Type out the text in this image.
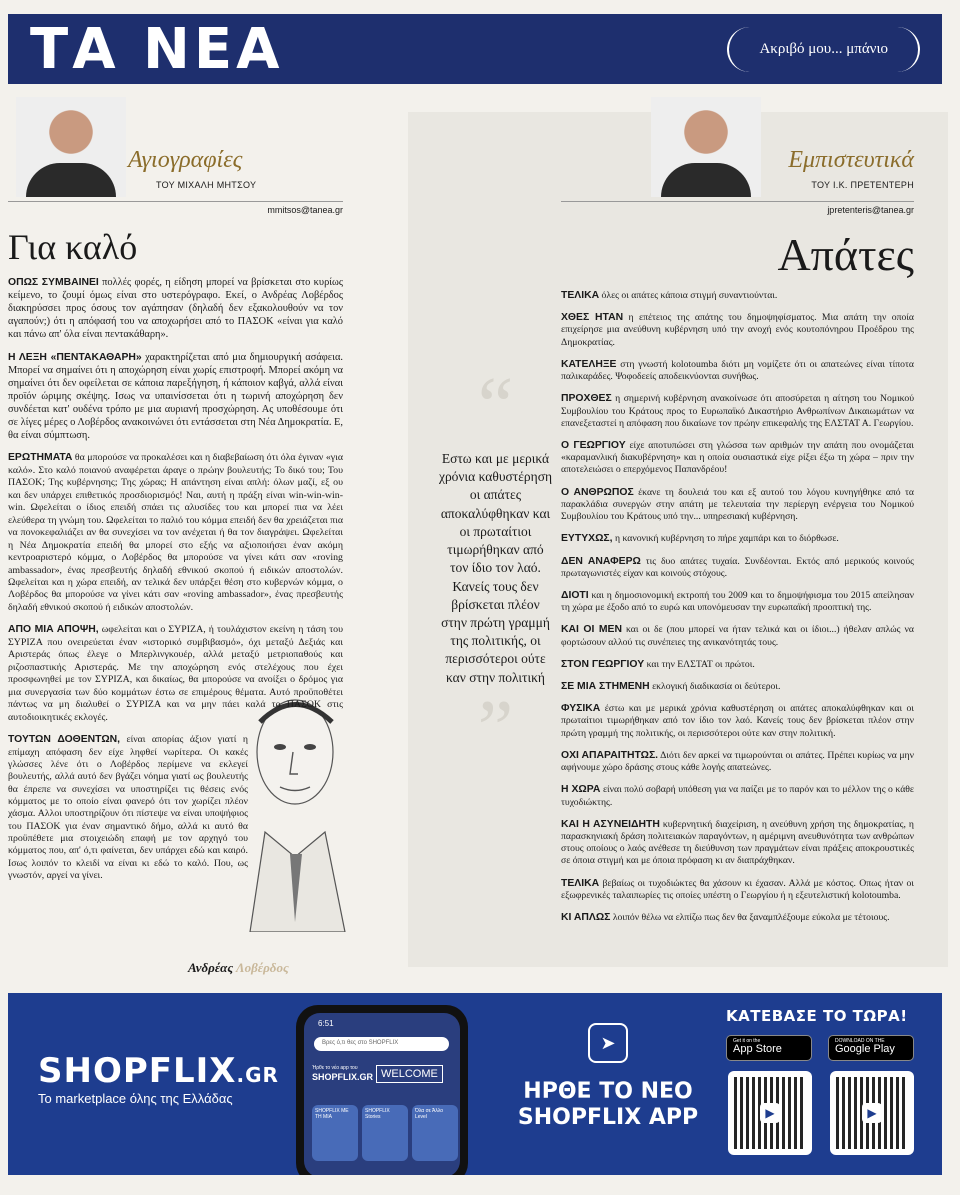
ΤΑ ΝΕΑ	Ακριβό μου... μπάνιο
Αγιογραφίες
ΤΟΥ ΜΙΧΑΛΗ ΜΗΤΣΟΥ
mmitsos@tanea.gr
Για καλό

ΟΠΩΣ ΣΥΜΒΑΙΝΕΙ πολλές φορές, η είδηση μπορεί να βρίσκεται στο κυρίως κείμενο, το ζουμί όμως είναι στο υστερόγραφο. Εκεί, ο Ανδρέας Λοβέρδος διακηρύσσει προς όσους τον αγάπησαν (δηλαδή δεν εξακολουθούν να τον αγαπούν;) ότι η απόφασή του να αποχωρήσει από το ΠΑΣΟΚ «είναι για καλό και πάνω απ' όλα είναι πεντακάθαρη».

Η ΛΕΞΗ «ΠΕΝΤΑΚΑΘΑΡΗ» χαρακτηρίζεται από μια δημιουργική ασάφεια. Μπορεί να σημαίνει ότι η αποχώρηση είναι χωρίς επιστροφή. Μπορεί ακόμη να σημαίνει ότι δεν οφείλεται σε κάποια παρεξήγηση, ή κάποιον καβγά, αλλά είναι προϊόν ώριμης σκέψης. Ισως να υπαινίσσεται ότι η τωρινή αποχώρηση δεν συνδέεται κατ' ουδένα τρόπο με μια αυριανή προσχώρηση. Ας υποθέσουμε ότι σε λίγες μέρες ο Λοβέρδος ανακοινώνει ότι εντάσσεται στη Νέα Δημοκρατία. Ε, θα είναι σύμπτωση.

ΕΡΩΤΗΜΑΤΑ θα μπορούσε να προκαλέσει και η διαβεβαίωση ότι όλα έγιναν «για καλό». Στο καλό ποιανού αναφέρεται άραγε ο πρώην βουλευτής; Το δικό του; Του ΠΑΣΟΚ; Της κυβέρνησης; Της χώρας; Η απάντηση είναι απλή: όλων μαζί, εξ ου και δεν υπάρχει επιθετικός προσδιορισμός! Ναι, αυτή η πράξη είναι win-win-win-win. Ωφελείται ο ίδιος επειδή σπάει τις αλυσίδες του και μπορεί πια να λέει ελεύθερα τη γνώμη του. Ωφελείται το παλιό του κόμμα επειδή δεν θα χρειάζεται πια να πονοκεφαλιάζει αν θα συνεχίσει να τον ανέχεται ή θα τον διαγράψει. Ωφελείται η Νέα Δημοκρατία επειδή θα μπορεί στο εξής να αξιοποιήσει έναν ακόμη κεντροαριστερό κόμμα, ο Λοβέρδος θα μπορούσε να γίνει κάτι σαν «roving ambassador», ένας πρεσβευτής δηλαδή εθνικού σκοπού ή ειδικών αποστολών. Ωφελείται και η χώρα επειδή, αν τελικά δεν υπάρξει θέση στο κυβερνών κόμμα, ο Λοβέρδος θα μπορούσε να γίνει κάτι σαν «roving ambassador», ένας πρεσβευτής δηλαδή εθνικού σκοπού ή ειδικών αποστολών.

ΑΠΟ ΜΙΑ ΑΠΟΨΗ, ωφελείται και ο ΣΥΡΙΖΑ, ή τουλάχιστον εκείνη η τάση του ΣΥΡΙΖΑ που ονειρεύεται έναν «ιστορικό συμβιβασμό», όχι μεταξύ Δεξιάς και Αριστεράς όπως έλεγε ο Μπερλινγκουέρ, αλλά μεταξύ μετριοπαθούς και ριζοσπαστικής Αριστεράς. Με την αποχώρηση ενός στελέχους που έχει προσφωνηθεί με τον ΣΥΡΙΖΑ, και δικαίως, θα μπορούσε να ανοίξει ο δρόμος για μια συνεργασία των δύο κομμάτων έστω σε επιμέρους θέματα. Αυτό προϋποθέτει πάντως να μη διαλυθεί ο ΣΥΡΙΖΑ και να μην πάει καλά το ΠΑΣΟΚ στις αυτοδιοικητικές εκλογές.

ΤΟΥΤΩΝ ΔΟΘΕΝΤΩΝ, είναι απορίας άξιον γιατί η επίμαχη απόφαση δεν είχε ληφθεί νωρίτερα. Οι κακές γλώσσες λένε ότι ο Λοβέρδος περίμενε να εκλεγεί βουλευτής, αλλά αυτό δεν βγάζει νόημα γιατί ως βουλευτής θα έπρεπε να συνεχίσει να υποστηρίζει τις θέσεις ενός κόμματος με το οποίο είναι φανερό ότι τον χωρίζει πλέον χάσμα. Αλλοι υποστηρίζουν ότι πίστεψε να είναι υποψήφιος του ΠΑΣΟΚ για έναν σημαντικό δήμο, αλλά κι αυτό θα προϋπέθετε μια στοιχειώδη επαφή με τον αρχηγό του κόμματος που, απ' ό,τι φαίνεται, δεν υπάρχει εδώ και καιρό. Ισως λοιπόν το κλειδί να είναι κι εδώ το καλό. Που, ως γνωστόν, αργεί να γίνει.

Ανδρέας Λοβέρδος
“
Εστω και με μερικά χρόνια καθυστέρηση οι απάτες αποκαλύφθηκαν και οι πρωταίτιοι τιμωρήθηκαν από τον ίδιο τον λαό. Κανείς τους δεν βρίσκεται πλέον στην πρώτη γραμμή της πολιτικής, οι περισσότεροι ούτε καν στην πολιτική
”
Εμπιστευτικά
ΤΟΥ Ι.Κ. ΠΡΕΤΕΝΤΕΡΗ
jpretenteris@tanea.gr
Απάτες

ΤΕΛΙΚΑ όλες οι απάτες κάποια στιγμή συναντιούνται.

ΧΘΕΣ ΗΤΑΝ η επέτειος της απάτης του δημοψηφίσματος. Μια απάτη την οποία επιχείρησε μια ανεύθυνη κυβέρνηση υπό την ανοχή ενός κουτοπόνηρου Προέδρου της Δημοκρατίας.

ΚΑΤΕΛΗΞΕ στη γνωστή kolotoumba διότι μη νομίζετε ότι οι απατεώνες είναι τίποτα παλικαράδες. Ψοφοδεείς αποδεικνύονται συνήθως.

ΠΡΟΧΘΕΣ η σημερινή κυβέρνηση ανακοίνωσε ότι αποσύρεται η αίτηση του Νομικού Συμβουλίου του Κράτους προς το Ευρωπαϊκό Δικαστήριο Ανθρωπίνων Δικαιωμάτων να επανεξεταστεί η απόφαση που δικαίωνε τον πρώην επικεφαλής της ΕΛΣΤΑΤ Α. Γεωργίου.

Ο ΓΕΩΡΓΙΟΥ είχε αποτυπώσει στη γλώσσα των αριθμών την απάτη που ονομάζεται «καραμανλική διακυβέρνηση» και η οποία ουσιαστικά είχε ρίξει έξω τη χώρα – πριν την αποτελειώσει ο επερχόμενος Παπανδρέου!

Ο ΑΝΘΡΩΠΟΣ έκανε τη δουλειά του και εξ αυτού του λόγου κυνηγήθηκε από τα παρακλάδια συνεργών στην απάτη με τελευταία την περίεργη ενέργεια του Νομικού Συμβουλίου του Κράτους υπό την... υπηρεσιακή κυβέρνηση.

ΕΥΤΥΧΩΣ, η κανονική κυβέρνηση το πήρε χαμπάρι και το διόρθωσε.

ΔΕΝ ΑΝΑΦΕΡΩ τις δυο απάτες τυχαία. Συνδέονται. Εκτός από μερικούς κοινούς πρωταγωνιστές είχαν και κοινούς στόχους.

ΔΙΟΤΙ και η δημοσιονομική εκτροπή του 2009 και το δημοψήφισμα του 2015 απείλησαν τη χώρα με έξοδο από το ευρώ και υπονόμευσαν την ευρωπαϊκή προοπτική της.

ΚΑΙ ΟΙ ΜΕΝ και οι δε (που μπορεί να ήταν τελικά και οι ίδιοι...) ήθελαν απλώς να φορτώσουν αλλού τις συνέπειες της ανικανότητάς τους.

ΣΤΟΝ ΓΕΩΡΓΙΟΥ και την ΕΛΣΤΑΤ οι πρώτοι.

ΣΕ ΜΙΑ ΣΤΗΜΕΝΗ εκλογική διαδικασία οι δεύτεροι.

ΦΥΣΙΚΑ έστω και με μερικά χρόνια καθυστέρηση οι απάτες αποκαλύφθηκαν και οι πρωταίτιοι τιμωρήθηκαν από τον ίδιο τον λαό. Κανείς τους δεν βρίσκεται πλέον στην πρώτη γραμμή της πολιτικής, οι περισσότεροι ούτε καν στην πολιτική.

ΟΧΙ ΑΠΑΡΑΙΤΗΤΩΣ. Διότι δεν αρκεί να τιμωρούνται οι απάτες. Πρέπει κυρίως να μην αφήνουμε χώρο δράσης στους κάθε λογής απατεώνες.

Η ΧΩΡΑ είναι πολύ σοβαρή υπόθεση για να παίζει με το παρόν και το μέλλον της ο κάθε τυχοδιώκτης.

ΚΑΙ Η ΑΣΥΝΕΙΔΗΤΗ κυβερνητική διαχείριση, η ανεύθυνη χρήση της δημοκρατίας, η παρασκηνιακή δράση πολιτειακών παραγόντων, η αμέριμνη ανευθυνότητα των ανθρώπων στους οποίους ο λαός ανέθεσε τη διεύθυνση των πραγμάτων είναι πράξεις αποκρουστικές σε όποια στιγμή και με όποια πρόφαση κι αν διαπράχθηκαν.

ΤΕΛΙΚΑ βεβαίως οι τυχοδιώκτες θα χάσουν κι έχασαν. Αλλά με κόστος. Οπως ήταν οι εξωφρενικές ταλαιπωρίες τις οποίες υπέστη ο Γεωργίου ή η εξευτελιστική kolotoumba.

ΚΙ ΑΠΛΩΣ λοιπόν θέλω να ελπίζω πως δεν θα ξαναμπλέξουμε εύκολα με τέτοιους.

SHOPFLIX.GR
Το marketplace όλης της Ελλάδας
6:51
Βρες ό,τι θες στο SHOPFLIX
Ήρθε το νέο app του
SHOPFLIX.GR WELCOME
SHOPFLIX ΜΕ ΤΗ ΜΙΑ
SHOPFLIX Stories
Όλα σε Άλλο Level
➤
ΗΡΘΕ ΤΟ ΝΕΟ
SHOPFLIX APP
ΚΑΤΕΒΑΣΕ ΤΟ ΤΩΡΑ!
Get it on the
App Store
DOWNLOAD ON THE
Google Play
▶	▶
